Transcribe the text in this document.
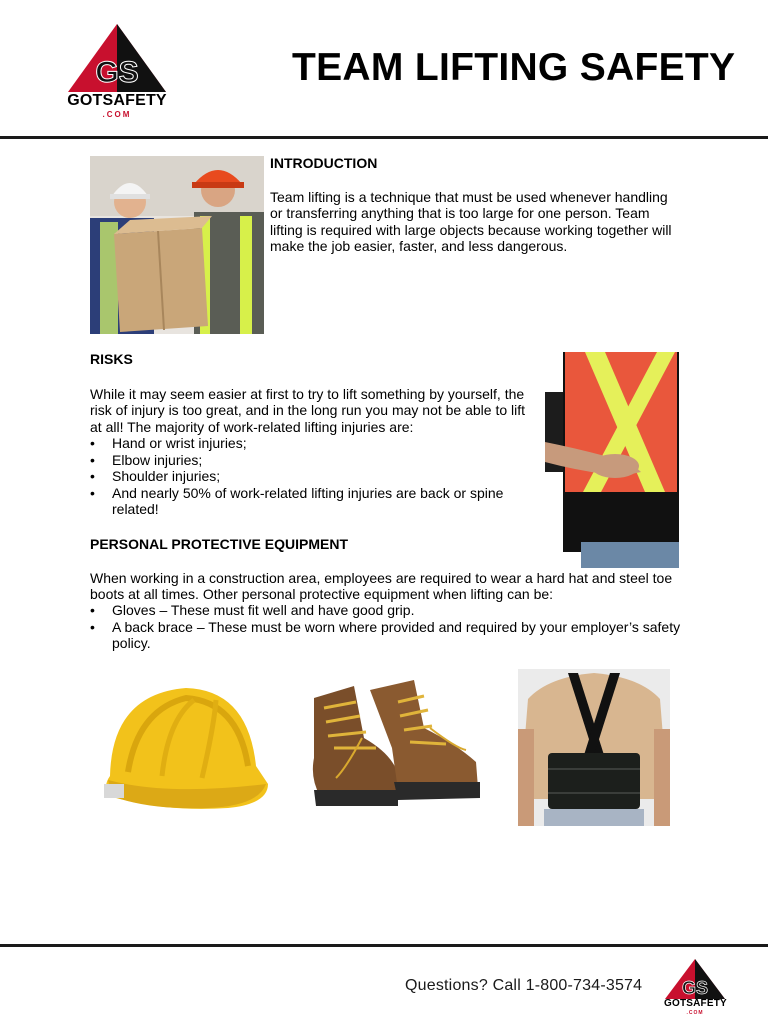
GS
GOTSAFETY
.COM
TEAM LIFTING SAFETY
INTRODUCTION

Team lifting is a technique that must be used whenever handling or transferring anything that is too large for one person. Team lifting is required with large objects because working together will make the job easier, faster, and less dangerous.

RISKS

While it may seem easier at first to try to lift something by yourself, the risk of injury is too great, and in the long run you may not be able to lift at all! The majority of work-related lifting injuries are:

• Hand or wrist injuries;
• Elbow injuries;
• Shoulder injuries;
• And nearly 50% of work-related lifting injuries are back or spine related!
PERSONAL PROTECTIVE EQUIPMENT

When working in a construction area, employees are required to wear a hard hat and steel toe boots at all times. Other personal protective equipment when lifting can be:

• Gloves – These must fit well and have good grip.
• A back brace – These must be worn where provided and required by your employer’s safety policy.
Questions? Call 1-800-734-3574 GS
GOTSAFETY
.COM
